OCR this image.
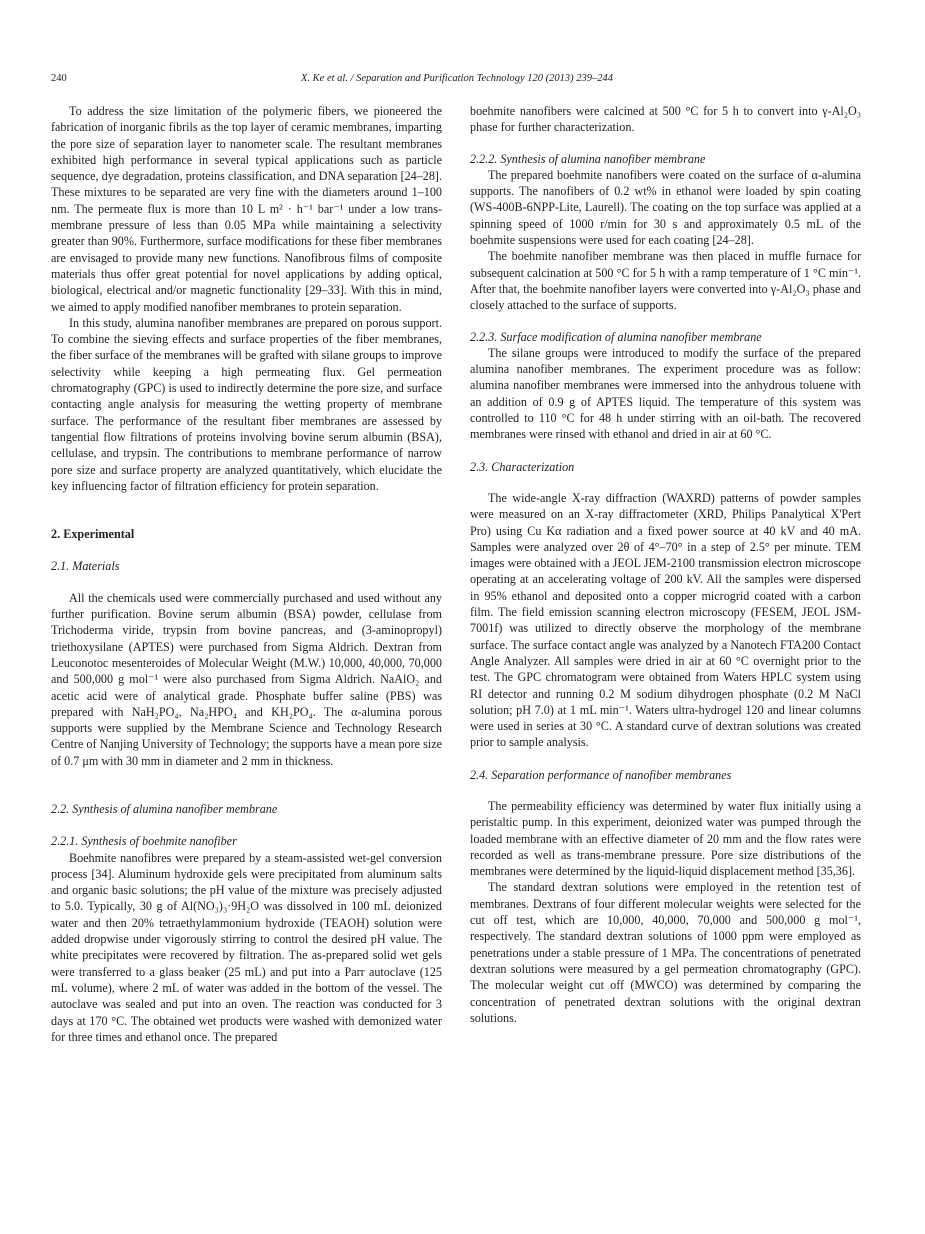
240	X. Ke et al. / Separation and Purification Technology 120 (2013) 239–244

To address the size limitation of the polymeric fibers, we pioneered the fabrication of inorganic fibrils as the top layer of ceramic membranes, imparting the pore size of separation layer to nanometer scale. The resultant membranes exhibited high performance in several typical applications such as particle sequence, dye degradation, proteins classification, and DNA separation [24–28]. These mixtures to be separated are very fine with the diameters around 1–100 nm. The permeate flux is more than 10 L m² · h⁻¹ bar⁻¹ under a low trans-membrane pressure of less than 0.05 MPa while maintaining a selectivity greater than 90%. Furthermore, surface modifications for these fiber membranes are envisaged to provide many new functions. Nanofibrous films of composite materials thus offer great potential for novel applications by adding optical, biological, electrical and/or magnetic functionality [29–33]. With this in mind, we aimed to apply modified nanofiber membranes to protein separation.

In this study, alumina nanofiber membranes are prepared on porous support. To combine the sieving effects and surface properties of the fiber membranes, the fiber surface of the membranes will be grafted with silane groups to improve selectivity while keeping a high permeating flux. Gel permeation chromatography (GPC) is used to indirectly determine the pore size, and surface contacting angle analysis for measuring the wetting property of membrane surface. The performance of the resultant fiber membranes are assessed by tangential flow filtrations of proteins involving bovine serum albumin (BSA), cellulase, and trypsin. The contributions to membrane performance of narrow pore size and surface property are analyzed quantitatively, which elucidate the key influencing factor of filtration efficiency for protein separation.

2. Experimental

2.1. Materials

All the chemicals used were commercially purchased and used without any further purification. Bovine serum albumin (BSA) powder, cellulase from Trichoderma viride, trypsin from bovine pancreas, and (3-aminopropyl) triethoxysilane (APTES) were purchased from Sigma Aldrich. Dextran from Leuconotoc mesenteroides of Molecular Weight (M.W.) 10,000, 40,000, 70,000 and 500,000 g mol⁻¹ were also purchased from Sigma Aldrich. NaAlO₂ and acetic acid were of analytical grade. Phosphate buffer saline (PBS) was prepared with NaH₂PO₄, Na₂HPO₄ and KH₂PO₄. The α-alumina porous supports were supplied by the Membrane Science and Technology Research Centre of Nanjing University of Technology; the supports have a mean pore size of 0.7 μm with 30 mm in diameter and 2 mm in thickness.

2.2. Synthesis of alumina nanofiber membrane

2.2.1. Synthesis of boehmite nanofiber

Boehmite nanofibres were prepared by a steam-assisted wet-gel conversion process [34]. Aluminum hydroxide gels were precipitated from aluminum salts and organic basic solutions; the pH value of the mixture was precisely adjusted to 5.0. Typically, 30 g of Al(NO₃)₃·9H₂O was dissolved in 100 mL deionized water and then 20% tetraethylammonium hydroxide (TEAOH) solution were added dropwise under vigorously stirring to control the desired pH value. The white precipitates were recovered by filtration. The as-prepared solid wet gels were transferred to a glass beaker (25 mL) and put into a Parr autoclave (125 mL volume), where 2 mL of water was added in the bottom of the vessel. The autoclave was sealed and put into an oven. The reaction was conducted for 3 days at 170 °C. The obtained wet products were washed with demonized water for three times and ethanol once. The prepared

boehmite nanofibers were calcined at 500 °C for 5 h to convert into γ-Al₂O₃ phase for further characterization.

2.2.2. Synthesis of alumina nanofiber membrane

The prepared boehmite nanofibers were coated on the surface of α-alumina supports. The nanofibers of 0.2 wt% in ethanol were loaded by spin coating (WS-400B-6NPP-Lite, Laurell). The coating on the top surface was applied at a spinning speed of 1000 r/min for 30 s and approximately 0.5 mL of the boehmite suspensions were used for each coating [24–28].

The boehmite nanofiber membrane was then placed in muffle furnace for subsequent calcination at 500 °C for 5 h with a ramp temperature of 1 °C min⁻¹. After that, the boehmite nanofiber layers were converted into γ-Al₂O₃ phase and closely attached to the surface of supports.

2.2.3. Surface modification of alumina nanofiber membrane

The silane groups were introduced to modify the surface of the prepared alumina nanofiber membranes. The experiment procedure was as follow: alumina nanofiber membranes were immersed into the anhydrous toluene with an addition of 0.9 g of APTES liquid. The temperature of this system was controlled to 110 °C for 48 h under stirring with an oil-bath. The recovered membranes were rinsed with ethanol and dried in air at 60 °C.

2.3. Characterization

The wide-angle X-ray diffraction (WAXRD) patterns of powder samples were measured on an X-ray diffractometer (XRD, Philips Panalytical X'Pert Pro) using Cu Kα radiation and a fixed power source at 40 kV and 40 mA. Samples were analyzed over 2θ of 4°–70° in a step of 2.5° per minute. TEM images were obtained with a JEOL JEM-2100 transmission electron microscope operating at an accelerating voltage of 200 kV. All the samples were dispersed in 95% ethanol and deposited onto a copper microgrid coated with a carbon film. The field emission scanning electron microscopy (FESEM, JEOL JSM-7001f) was utilized to directly observe the morphology of the membrane surface. The surface contact angle was analyzed by a Nanotech FTA200 Contact Angle Analyzer. All samples were dried in air at 60 °C overnight prior to the test. The GPC chromatogram were obtained from Waters HPLC system using RI detector and running 0.2 M sodium dihydrogen phosphate (0.2 M NaCl solution; pH 7.0) at 1 mL min⁻¹. Waters ultra-hydrogel 120 and linear columns were used in series at 30 °C. A standard curve of dextran solutions was created prior to sample analysis.

2.4. Separation performance of nanofiber membranes

The permeability efficiency was determined by water flux initially using a peristaltic pump. In this experiment, deionized water was pumped through the loaded membrane with an effective diameter of 20 mm and the flow rates were recorded as well as trans-membrane pressure. Pore size distributions of the membranes were determined by the liquid-liquid displacement method [35,36].

The standard dextran solutions were employed in the retention test of membranes. Dextrans of four different molecular weights were selected for the cut off test, which are 10,000, 40,000, 70,000 and 500,000 g mol⁻¹, respectively. The standard dextran solutions of 1000 ppm were employed as penetrations under a stable pressure of 1 MPa. The concentrations of penetrated dextran solutions were measured by a gel permeation chromatography (GPC). The molecular weight cut off (MWCO) was determined by comparing the concentration of penetrated dextran solutions with the original dextran solutions.
